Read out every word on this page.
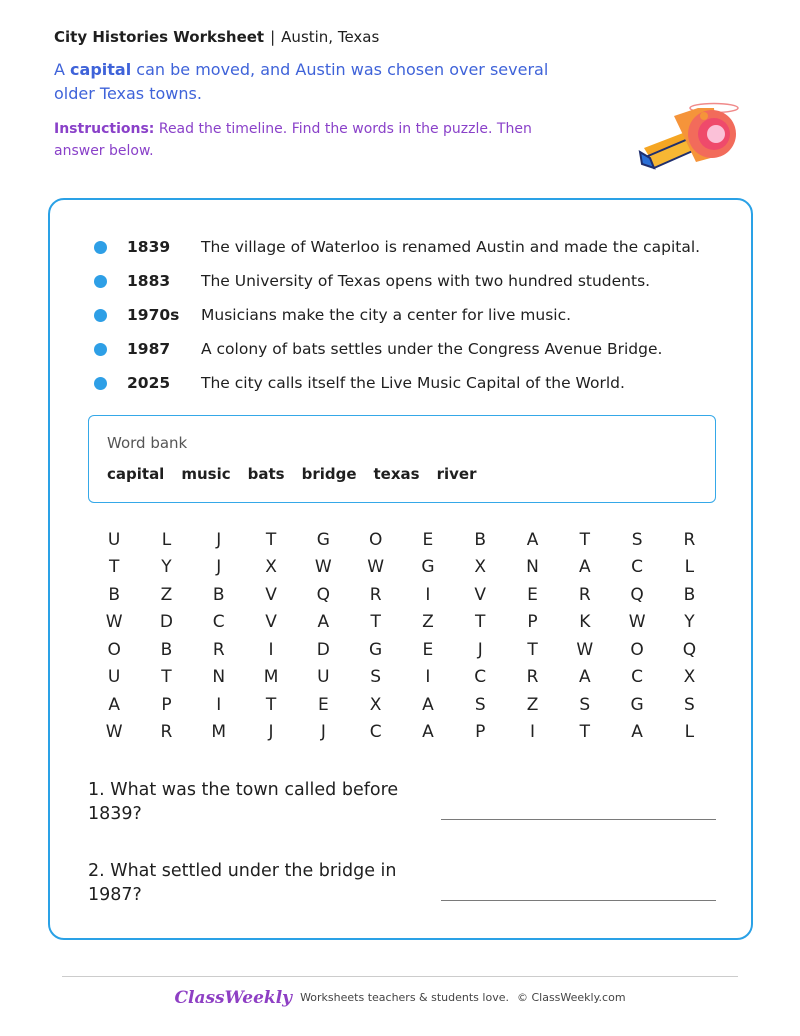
City Histories Worksheet | Austin, Texas
A capital can be moved, and Austin was chosen over several older Texas towns.
Instructions: Read the timeline. Find the words in the puzzle. Then answer below.
1839	The village of Waterloo is renamed Austin and made the capital.
1883	The University of Texas opens with two hundred students.
1970s	Musicians make the city a center for live music.
1987	A colony of bats settles under the Congress Avenue Bridge.
2025	The city calls itself the Live Music Capital of the World.
Word bank
capital music bats bridge texas river
U	L	J	T	G	O	E	B	A	T	S	R
T	Y	J	X	W	W	G	X	N	A	C	L
B	Z	B	V	Q	R	I	V	E	R	Q	B
W	D	C	V	A	T	Z	T	P	K	W	Y
O	B	R	I	D	G	E	J	T	W	O	Q
U	T	N	M	U	S	I	C	R	A	C	X
A	P	I	T	E	X	A	S	Z	S	G	S
W	R	M	J	J	C	A	P	I	T	A	L
1. What was the town called before 1839?
2. What settled under the bridge in 1987?
ClassWeekly Worksheets teachers & students love. © ClassWeekly.com
